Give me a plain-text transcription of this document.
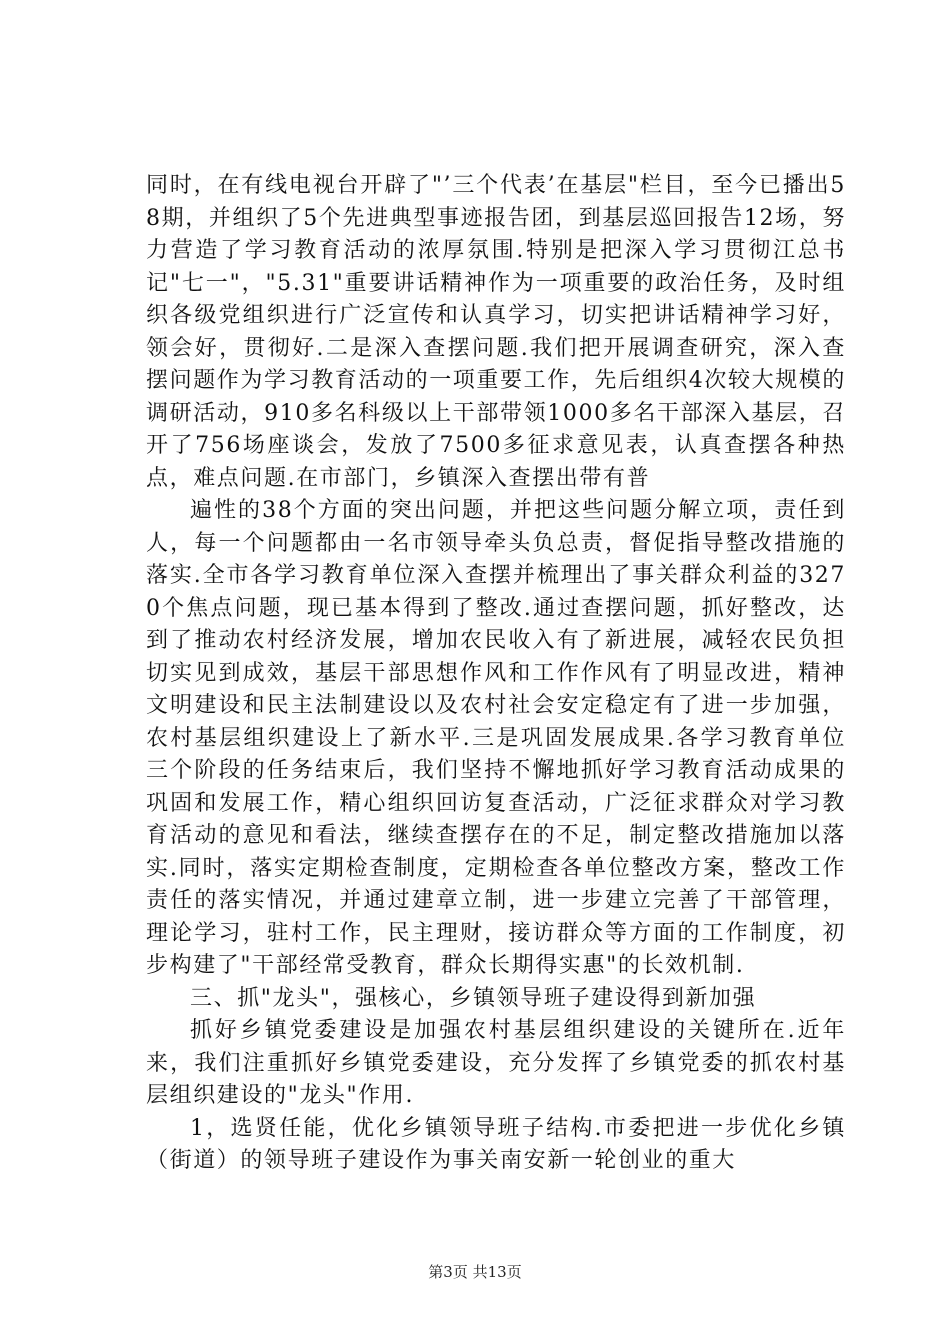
同时，在有线电视台开辟了"’三个代表’在基层"栏目，至今已播出58期，并组织了5个先进典型事迹报告团，到基层巡回报告12场，努力营造了学习教育活动的浓厚氛围.特别是把深入学习贯彻江总书记"七一"，"5.31"重要讲话精神作为一项重要的政治任务，及时组织各级党组织进行广泛宣传和认真学习，切实把讲话精神学习好，领会好，贯彻好.二是深入查摆问题.我们把开展调查研究，深入查摆问题作为学习教育活动的一项重要工作，先后组织4次较大规模的调研活动，910多名科级以上干部带领1000多名干部深入基层，召开了756场座谈会，发放了7500多征求意见表，认真查摆各种热点，难点问题.在市部门，乡镇深入查摆出带有普

遍性的38个方面的突出问题，并把这些问题分解立项，责任到人，每一个问题都由一名市领导牵头负总责，督促指导整改措施的落实.全市各学习教育单位深入查摆并梳理出了事关群众利益的3270个焦点问题，现已基本得到了整改.通过查摆问题，抓好整改，达到了推动农村经济发展，增加农民收入有了新进展，减轻农民负担切实见到成效，基层干部思想作风和工作作风有了明显改进，精神文明建设和民主法制建设以及农村社会安定稳定有了进一步加强，农村基层组织建设上了新水平.三是巩固发展成果.各学习教育单位三个阶段的任务结束后，我们坚持不懈地抓好学习教育活动成果的巩固和发展工作，精心组织回访复查活动，广泛征求群众对学习教育活动的意见和看法，继续查摆存在的不足，制定整改措施加以落实.同时，落实定期检查制度，定期检查各单位整改方案，整改工作责任的落实情况，并通过建章立制，进一步建立完善了干部管理，理论学习，驻村工作，民主理财，接访群众等方面的工作制度，初步构建了"干部经常受教育，群众长期得实惠"的长效机制.

三、抓"龙头"，强核心，乡镇领导班子建设得到新加强

抓好乡镇党委建设是加强农村基层组织建设的关键所在.近年来，我们注重抓好乡镇党委建设，充分发挥了乡镇党委的抓农村基层组织建设的"龙头"作用.

1，选贤任能，优化乡镇领导班子结构.市委把进一步优化乡镇（街道）的领导班子建设作为事关南安新一轮创业的重大

第3页 共13页
